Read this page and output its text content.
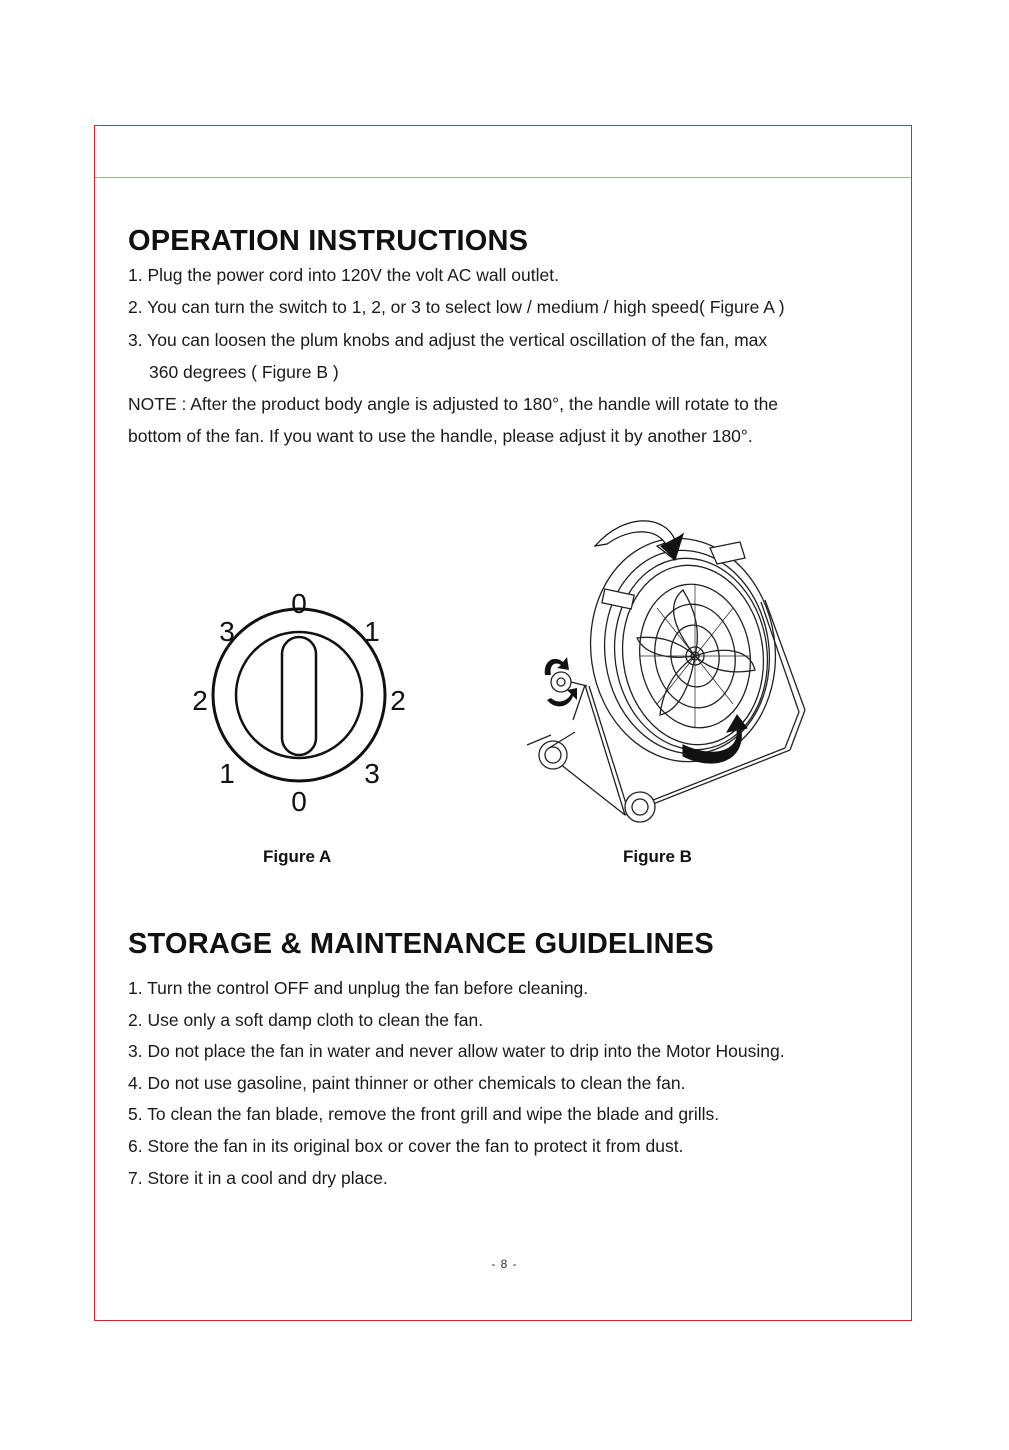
OPERATION INSTRUCTIONS
1. Plug the power cord into 120V the volt AC wall outlet.
2. You can turn the switch to 1, 2, or 3 to select low / medium / high speed( Figure A )
3. You can loosen the plum knobs and adjust the vertical oscillation of the fan, max
360 degrees ( Figure B )
NOTE : After the product body angle is adjusted to 180°, the handle will rotate to the
bottom of the fan. If you want to use the handle, please adjust it by another 180°.
0
3	1
2	2
1	3
0
Figure A	Figure B
STORAGE & MAINTENANCE GUIDELINES
1. Turn the control OFF and unplug the fan before cleaning.
2. Use only a soft damp cloth to clean the fan.
3. Do not place the fan in water and never allow water to drip into the Motor Housing.
4. Do not use gasoline, paint thinner or other chemicals to clean the fan.
5. To clean the fan blade, remove the front grill and wipe the blade and grills.
6. Store the fan in its original box or cover the fan to protect it from dust.
7. Store it in a cool and dry place.
- 8 -
